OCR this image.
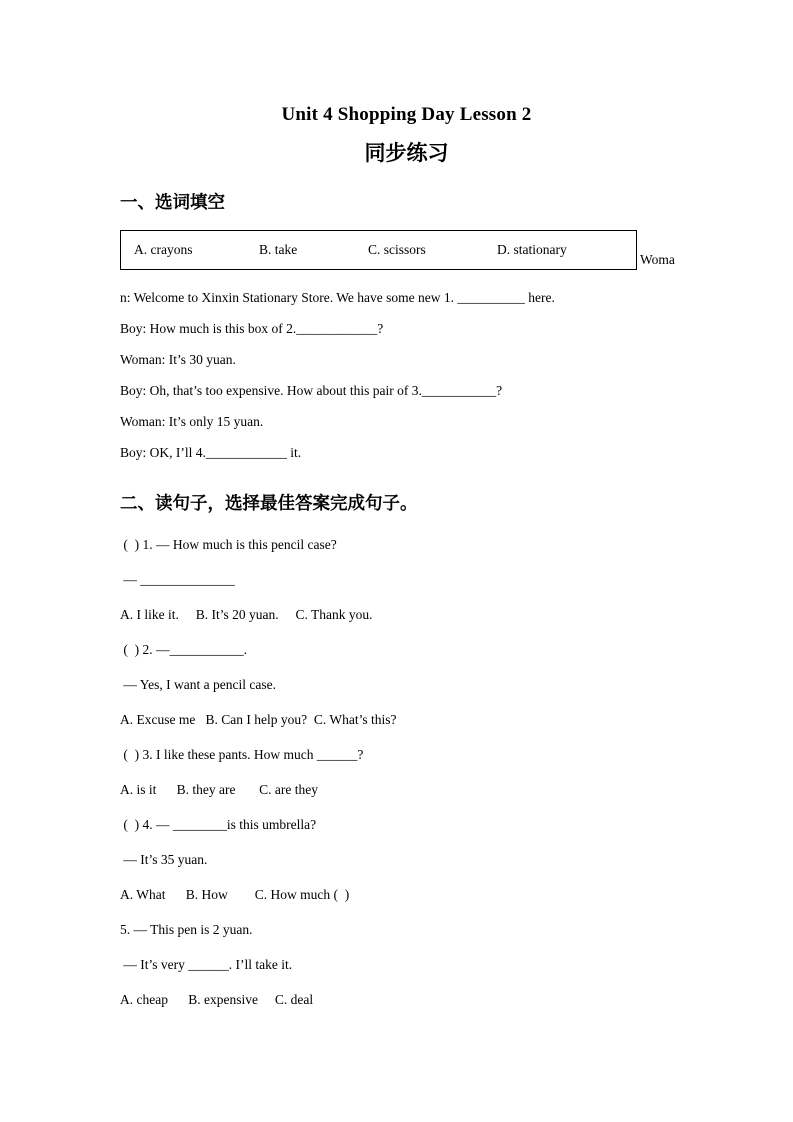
Unit 4 Shopping Day Lesson 2
同步练习
一、选词填空
A. crayons	B. take	C. scissors	D. stationary
Woma
n: Welcome to Xinxin Stationary Store. We have some new 1. __________ here.
Boy: How much is this box of 2.____________?
Woman: It’s 30 yuan.
Boy: Oh, that’s too expensive. How about this pair of 3.___________?
Woman: It’s only 15 yuan.
Boy: OK, I’ll 4.____________ it.
二、读句子，选择最佳答案完成句子。
(  ) 1. — How much is this pencil case?
— ______________
A. I like it.     B. It’s 20 yuan.     C. Thank you.
(  ) 2. —___________.
— Yes, I want a pencil case.
A. Excuse me   B. Can I help you?  C. What’s this?
(  ) 3. I like these pants. How much ______?
A. is it      B. they are       C. are they
(  ) 4. — ________is this umbrella?
— It’s 35 yuan.
A. What      B. How        C. How much (  )
5. — This pen is 2 yuan.
— It’s very ______. I’ll take it.
A. cheap      B. expensive     C. deal
